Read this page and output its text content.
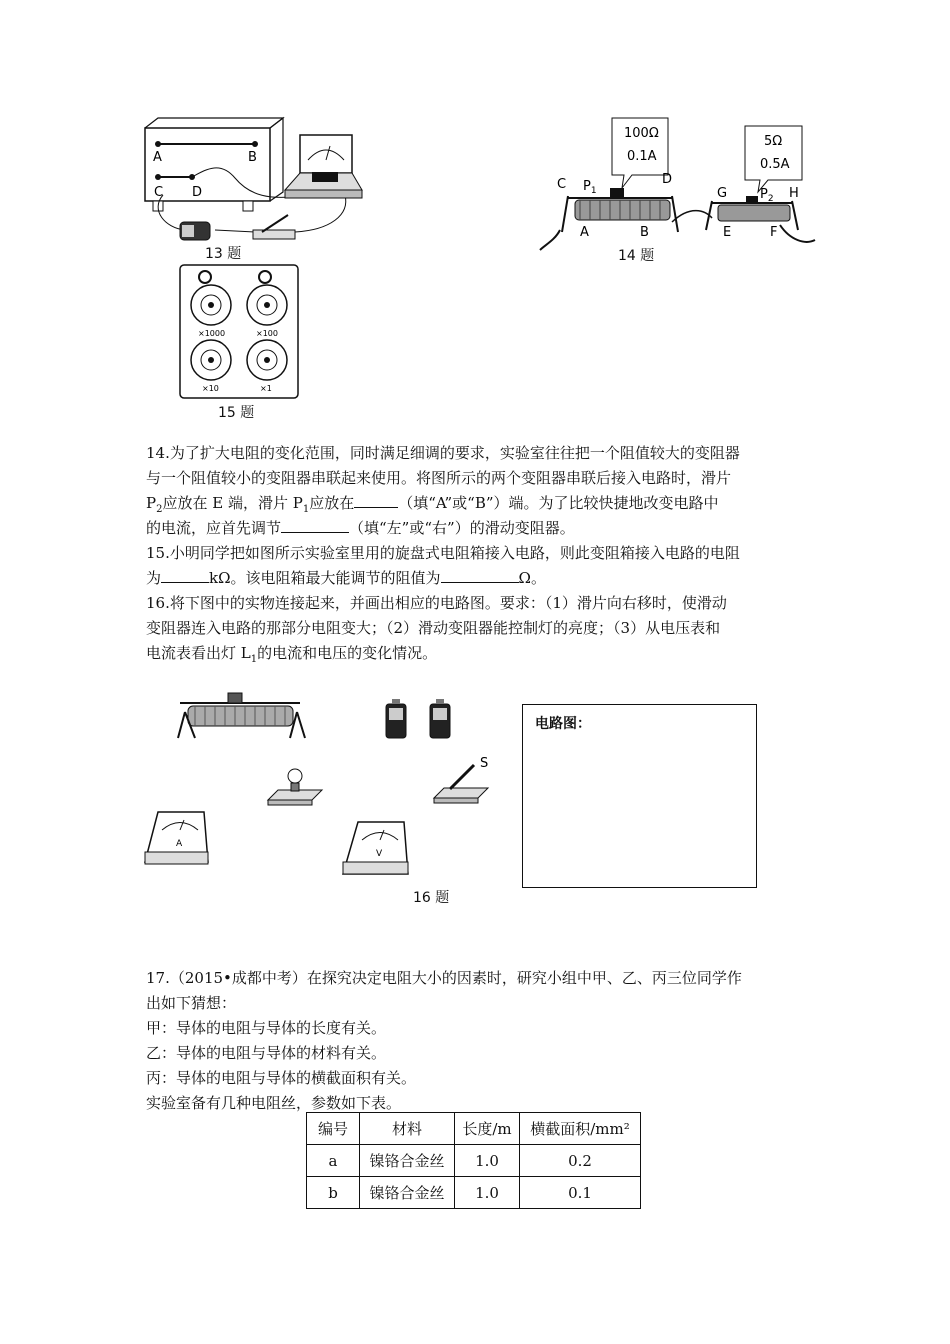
A	B
C D
13 题
×1000	×100
×10	×1
15 题
100Ω
0.1A
5Ω
0.5A
C $P_1$
D
A	B
G	$P_2$ H
E	F
14 题
14.为了扩大电阻的变化范围，同时满足细调的要求，实验室往往把一个阻值较大的变阻器
与一个阻值较小的变阻器串联起来使用。将图所示的两个变阻器串联后接入电路时，滑片
$P_2$应放在 E 端，滑片 $P_1$应放在	（填“A”或“B”）端。为了比较快捷地改变电路中
的电流，应首先调节	（填“左”或“右”）的滑动变阻器。
15.小明同学把如图所示实验室里用的旋盘式电阻箱接入电路，则此变阻箱接入电路的电阻
为	kΩ。该电阻箱最大能调节的阻值为	Ω。
16.将下图中的实物连接起来，并画出相应的电路图。要求：（1）滑片向右移时，使滑动
变阻器连入电路的那部分电阻变大；（2）滑动变阻器能控制灯的亮度；（3）从电压表和
电流表看出灯 $L_1$的电流和电压的变化情况。
S
A
V
16 题
电路图：
17.（2015•成都中考）在探究决定电阻大小的因素时，研究小组中甲、乙、丙三位同学作
出如下猜想：
甲：导体的电阻与导体的长度有关。
乙：导体的电阻与导体的材料有关。
丙：导体的电阻与导体的横截面积有关。
实验室备有几种电阻丝，参数如下表。
编号	材料	长度/m	横截面积/mm²
a	镍铬合金丝	1.0	0.2
b	镍铬合金丝	1.0	0.1
